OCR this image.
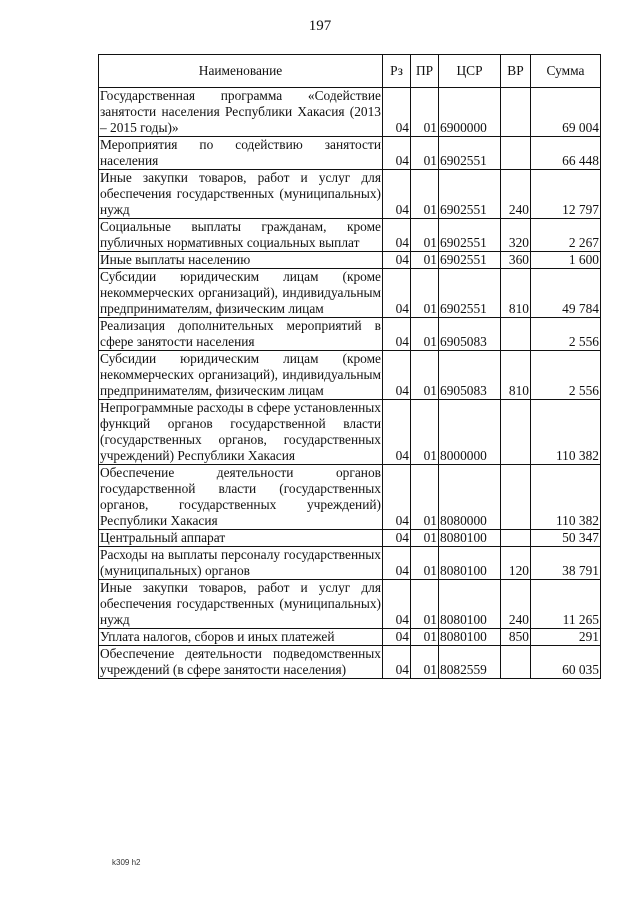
197
Наименование	Рз	ПР	ЦСР	ВР	Сумма
Государственная программа «Содействие занятости населения Республики Хакасия (2013 – 2015 годы)»	04	01	6900000		69 004
Мероприятия по содействию занятости населения	04	01	6902551		66 448
Иные закупки товаров, работ и услуг для обеспечения государственных (муниципальных) нужд	04	01	6902551	240	12 797
Социальные выплаты гражданам, кроме публичных нормативных социальных выплат	04	01	6902551	320	2 267
Иные выплаты населению	04	01	6902551	360	1 600
Субсидии юридическим лицам (кроме некоммерческих организаций), индивидуальным предпринимателям, физическим лицам	04	01	6902551	810	49 784
Реализация дополнительных мероприятий в сфере занятости населения	04	01	6905083		2 556
Субсидии юридическим лицам (кроме некоммерческих организаций), индивидуальным предпринимателям, физическим лицам	04	01	6905083	810	2 556
Непрограммные расходы в сфере установленных функций органов государственной власти (государственных органов, государственных учреждений) Республики Хакасия	04	01	8000000		110 382
Обеспечение деятельности органов государственной власти (государственных органов, государственных учреждений) Республики Хакасия	04	01	8080000		110 382
Центральный аппарат	04	01	8080100		50 347
Расходы на выплаты персоналу государственных (муниципальных) органов	04	01	8080100	120	38 791
Иные закупки товаров, работ и услуг для обеспечения государственных (муниципальных) нужд	04	01	8080100	240	11 265
Уплата налогов, сборов и иных платежей	04	01	8080100	850	291
Обеспечение деятельности подведомственных учреждений (в сфере занятости населения)	04	01	8082559		60 035
k309 h2
